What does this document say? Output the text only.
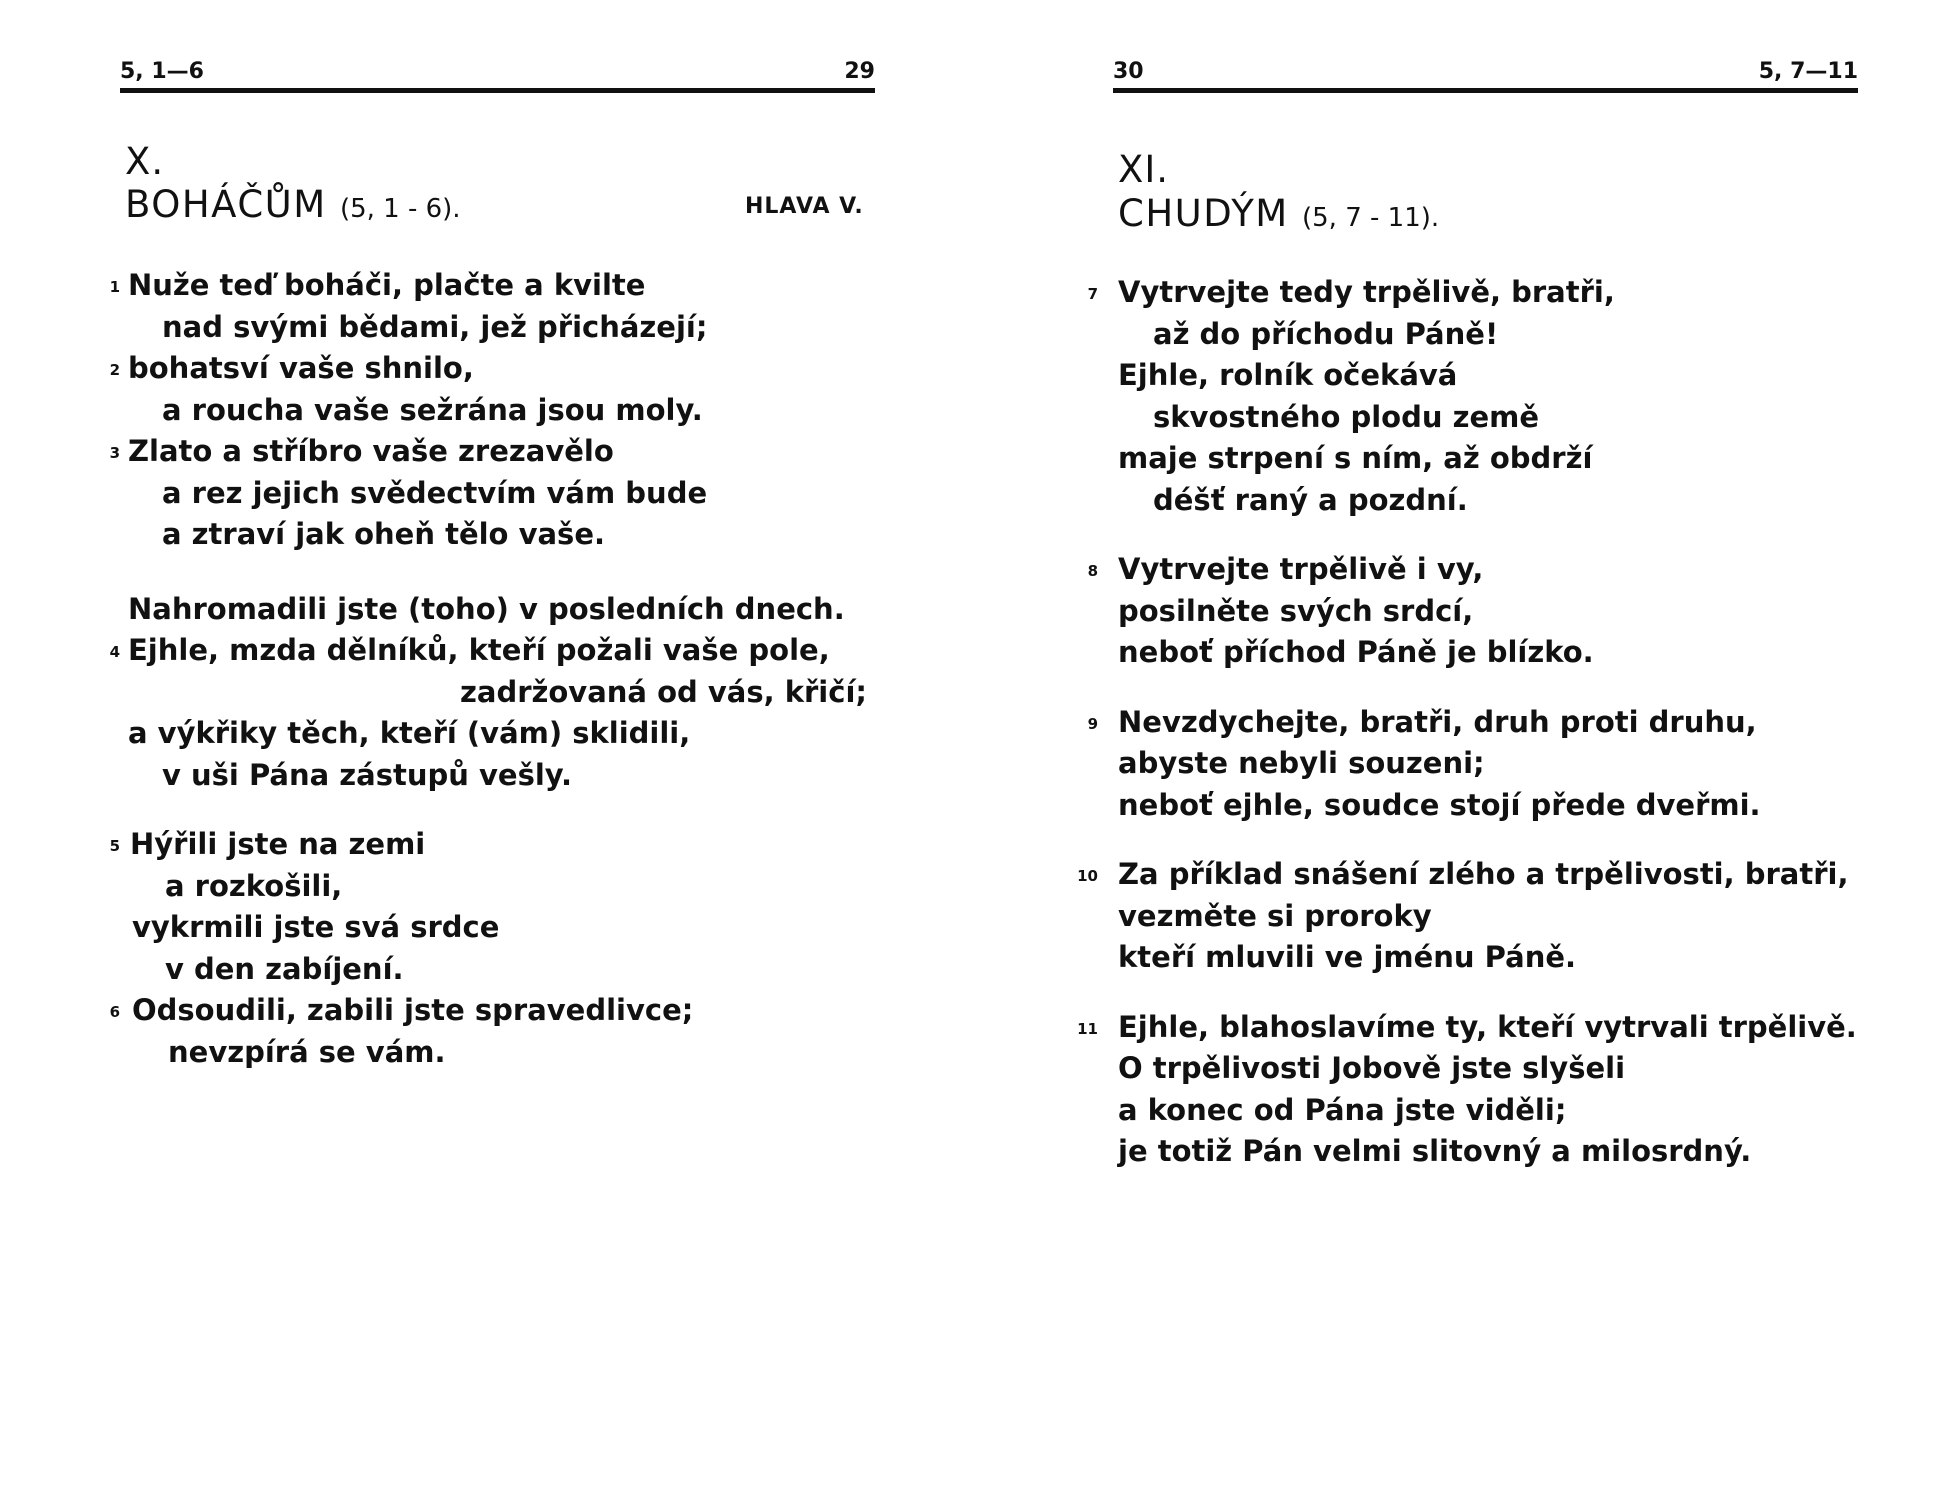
5, 1—6	29
X.
BOHÁČŮM (5, 1 - 6).	HLAVA V.
1 Nuže teď boháči, plačte a kvilte
nad svými bědami, jež přicházejí;
2 bohatsví vaše shnilo,
a roucha vaše sežrána jsou moly.
3 Zlato a stříbro vaše zrezavělo
a rez jejich svědectvím vám bude
a ztraví jak oheň tělo vaše.
Nahromadili jste (toho) v posledních dnech.
4 Ejhle, mzda dělníků, kteří požali vaše pole,
zadržovaná od vás, křičí;
a výkřiky těch, kteří (vám) sklidili,
v uši Pána zástupů vešly.
5 Hýřili jste na zemi
a rozkošili,
vykrmili jste svá srdce
v den zabíjení.
6 Odsoudili, zabili jste spravedlivce;
nevzpírá se vám.
30	5, 7—11
XI.
CHUDÝM (5, 7 - 11).
7 Vytrvejte tedy trpělivě, bratři,
až do příchodu Páně!
Ejhle, rolník očekává
skvostného plodu země
maje strpení s ním, až obdrží
déšť raný a pozdní.
8 Vytrvejte trpělivě i vy,
posilněte svých srdcí,
neboť příchod Páně je blízko.
9 Nevzdychejte, bratři, druh proti druhu,
abyste nebyli souzeni;
neboť ejhle, soudce stojí přede dveřmi.
10 Za příklad snášení zlého a trpělivosti, bratři,
vezměte si proroky
kteří mluvili ve jménu Páně.
11 Ejhle, blahoslavíme ty, kteří vytrvali trpělivě.
O trpělivosti Jobově jste slyšeli
a konec od Pána jste viděli;
je totiž Pán velmi slitovný a milosrdný.
